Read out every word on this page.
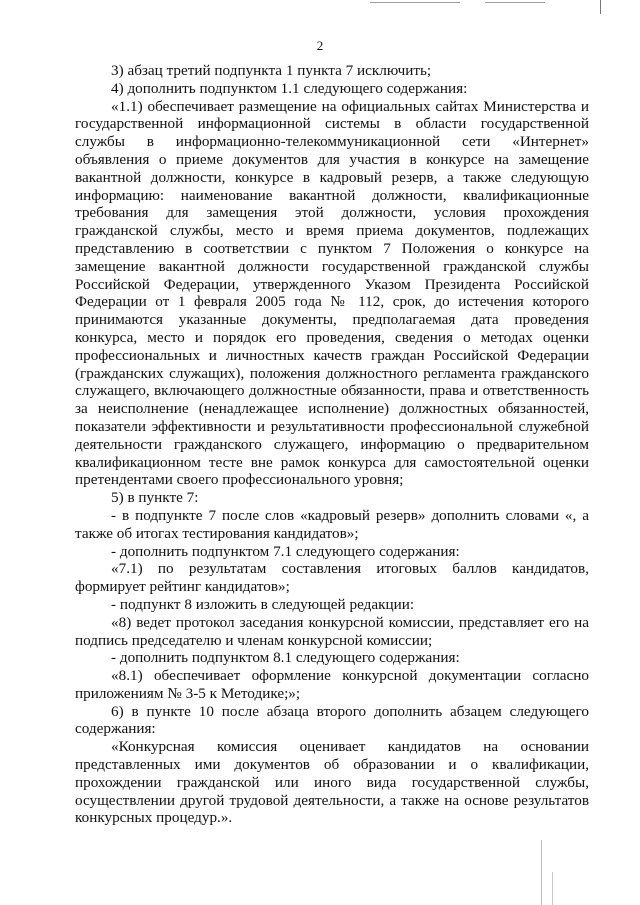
2

3) абзац третий подпункта 1 пункта 7 исключить;

4) дополнить подпунктом 1.1 следующего содержания:

«1.1) обеспечивает размещение на официальных сайтах Министерства и государственной информационной системы в области государственной службы в информационно-телекоммуникационной сети «Интернет» объявления о приеме документов для участия в конкурсе на замещение вакантной должности, конкурсе в кадровый резерв, а также следующую информацию: наименование вакантной должности, квалификационные требования для замещения этой должности, условия прохождения гражданской службы, место и время приема документов, подлежащих представлению в соответствии с пунктом 7 Положения о конкурсе на замещение вакантной должности государственной гражданской службы Российской Федерации, утвержденного Указом Президента Российской Федерации от 1 февраля 2005 года № 112, срок, до истечения которого принимаются указанные документы, предполагаемая дата проведения конкурса, место и порядок его проведения, сведения о методах оценки профессиональных и личностных качеств граждан Российской Федерации (гражданских служащих), положения должностного регламента гражданского служащего, включающего должностные обязанности, права и ответственность за неисполнение (ненадлежащее исполнение) должностных обязанностей, показатели эффективности и результативности профессиональной служебной деятельности гражданского служащего, информацию о предварительном квалификационном тесте вне рамок конкурса для самостоятельной оценки претендентами своего профессионального уровня;

5) в пункте 7:

- в подпункте 7 после слов «кадровый резерв» дополнить словами «, а также об итогах тестирования кандидатов»;

- дополнить подпунктом 7.1 следующего содержания:

«7.1) по результатам составления итоговых баллов кандидатов, формирует рейтинг кандидатов»;

- подпункт 8 изложить в следующей редакции:

«8) ведет протокол заседания конкурсной комиссии, представляет его на подпись председателю и членам конкурсной комиссии;

- дополнить подпунктом 8.1 следующего содержания:

«8.1) обеспечивает оформление конкурсной документации согласно приложениям № 3-5 к Методике;»;

6) в пункте 10 после абзаца второго дополнить абзацем следующего содержания:

«Конкурсная комиссия оценивает кандидатов на основании представленных ими документов об образовании и о квалификации, прохождении гражданской или иного вида государственной службы, осуществлении другой трудовой деятельности, а также на основе результатов конкурсных процедур.».
